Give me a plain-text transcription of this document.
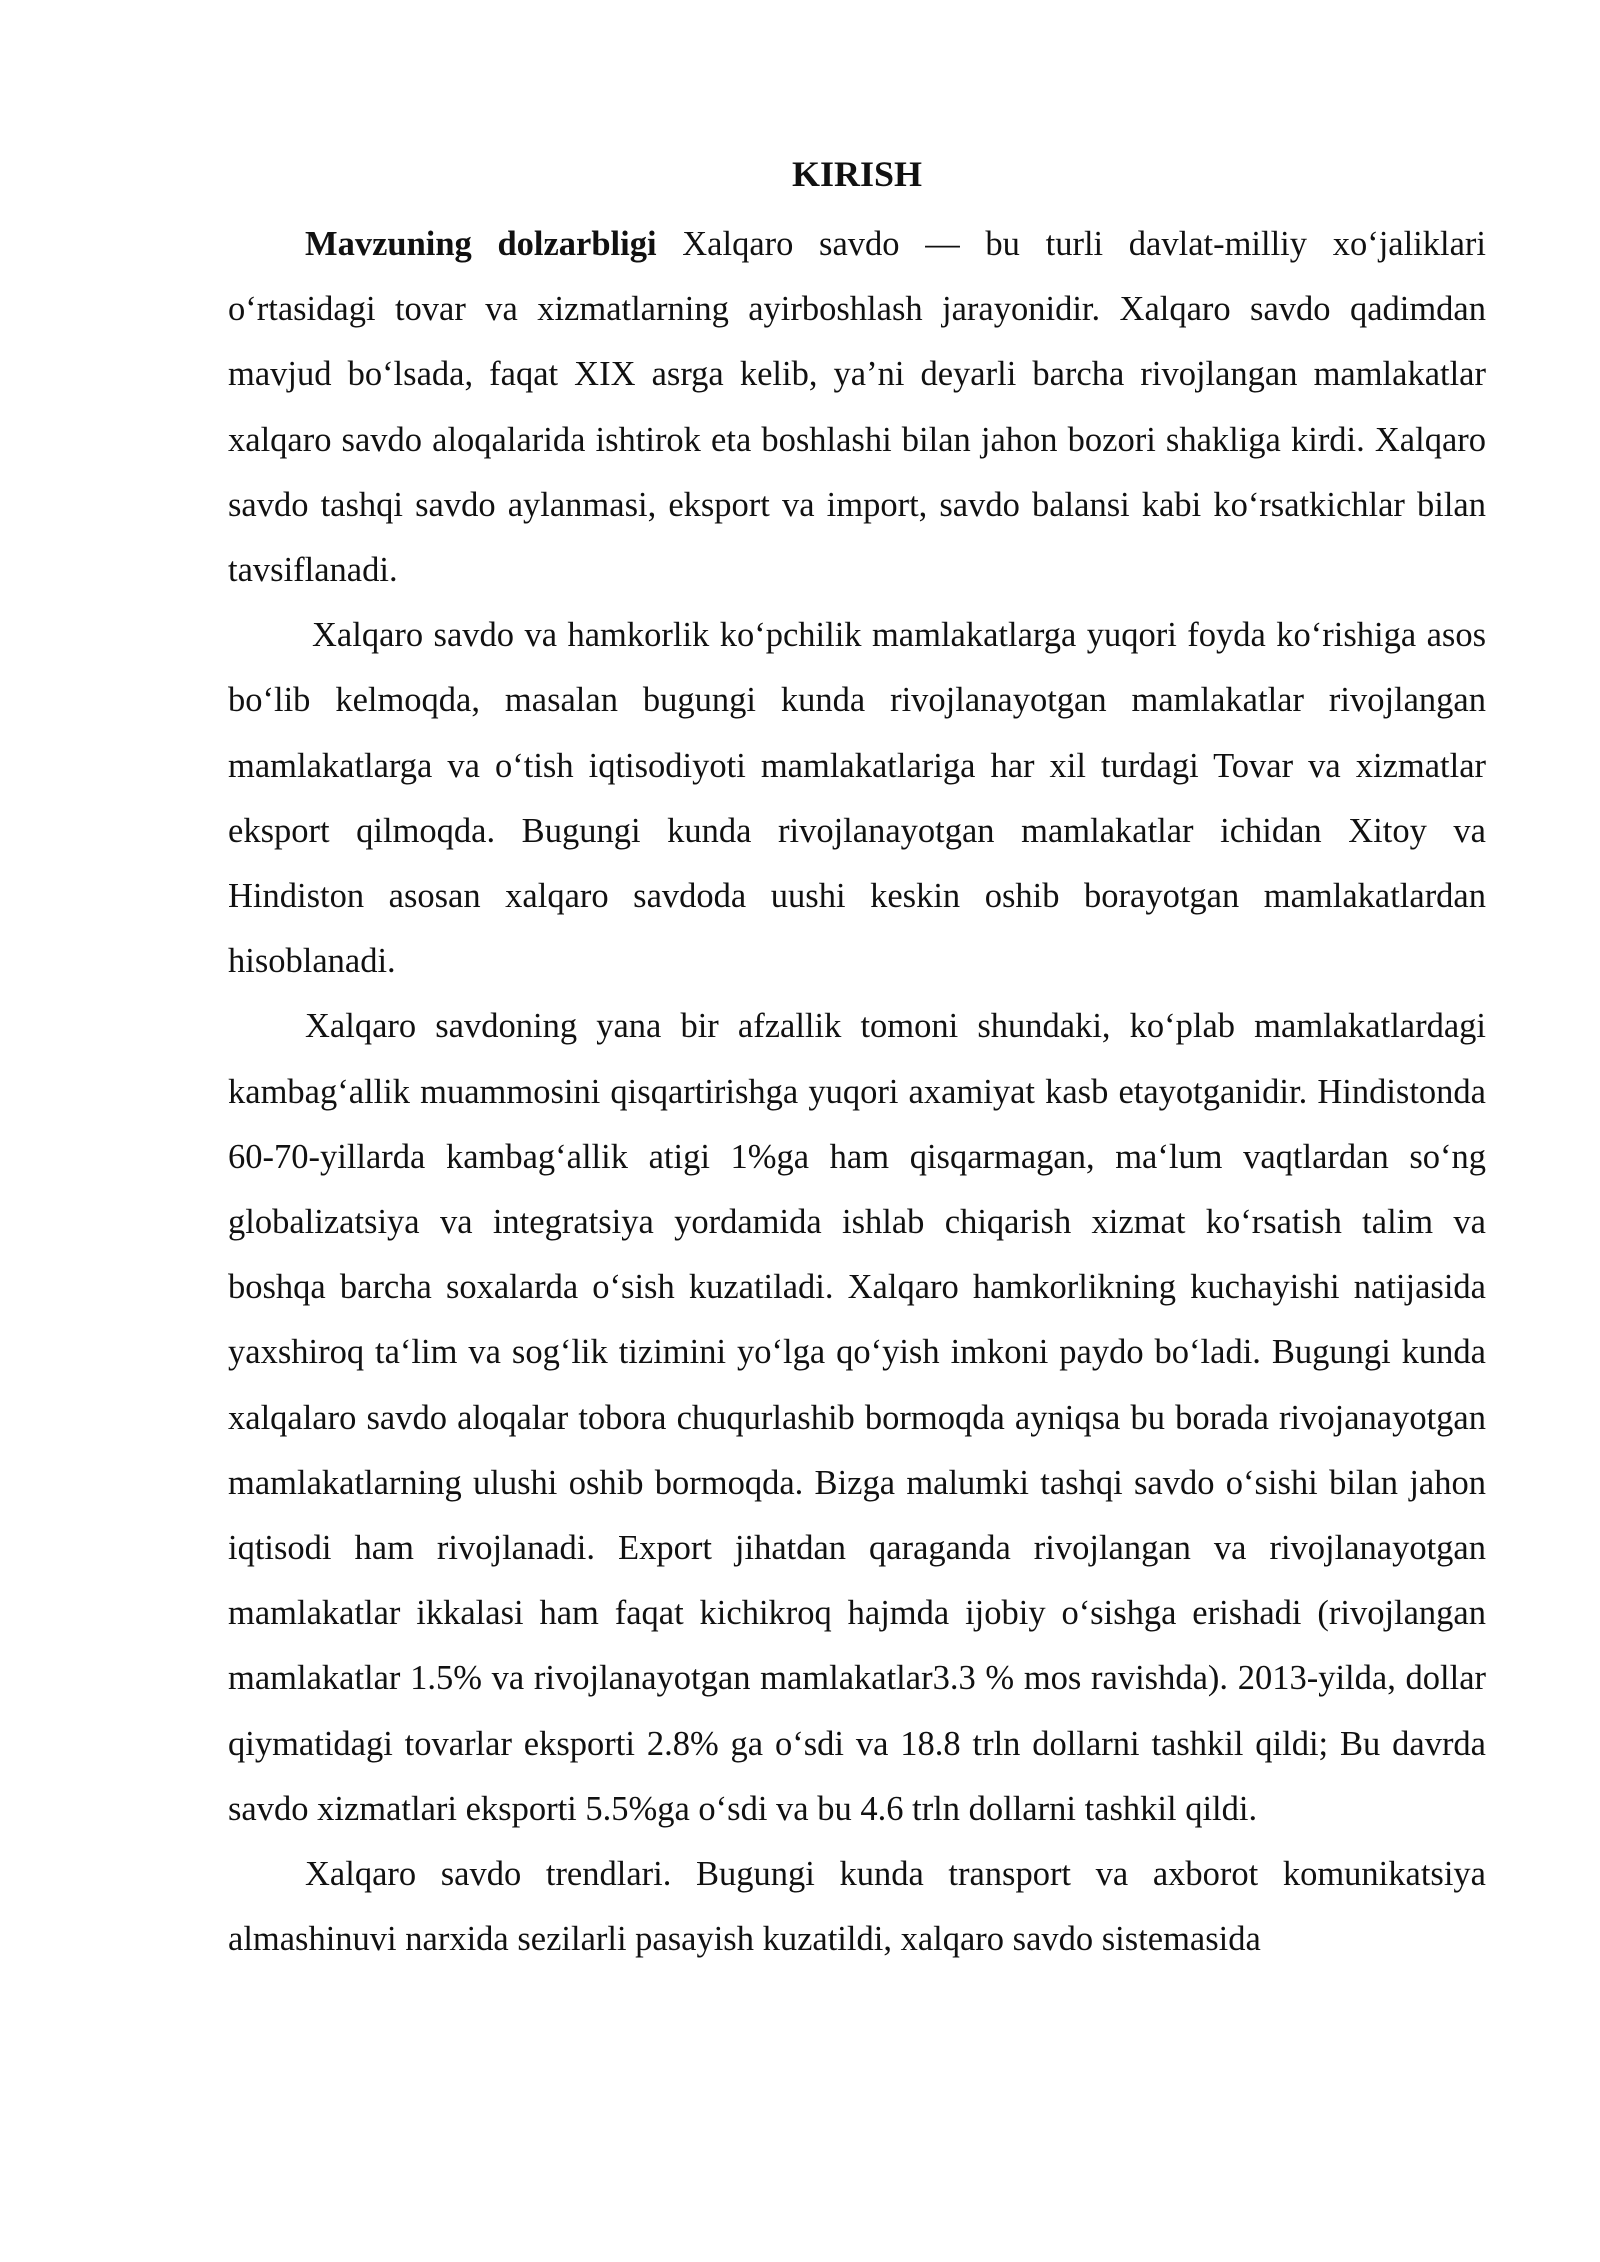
KIRISH

Mavzuning dolzarbligi Xalqaro savdo — bu turli davlat-milliy xoʻjaliklari oʻrtasidagi tovar va xizmatlarning ayirboshlash jarayonidir. Xalqaro savdo qadimdan mavjud boʻlsada, faqat XIX asrga kelib, ya’ni deyarli barcha rivojlangan mamlakatlar xalqaro savdo aloqalarida ishtirok eta boshlashi bilan jahon bozori shakliga kirdi. Xalqaro savdo tashqi savdo aylanmasi, eksport va import, savdo balansi kabi koʻrsatkichlar bilan tavsiflanadi.

Xalqaro savdo va hamkorlik koʻpchilik mamlakatlarga yuqori foyda koʻrishiga asos boʻlib kelmoqda, masalan bugungi kunda rivojlanayotgan mamlakatlar rivojlangan mamlakatlarga va oʻtish iqtisodiyoti mamlakatlariga har xil turdagi Tovar va xizmatlar eksport qilmoqda. Bugungi kunda rivojlanayotgan mamlakatlar ichidan Xitoy va Hindiston asosan xalqaro savdoda uushi keskin oshib borayotgan mamlakatlardan hisoblanadi.

Xalqaro savdoning yana bir afzallik tomoni shundaki, koʻplab mamlakatlardagi kambagʻallik muammosini qisqartirishga yuqori axamiyat kasb etayotganidir. Hindistonda 60-70-yillarda kambagʻallik atigi 1%ga ham qisqarmagan, maʻlum vaqtlardan soʻng globalizatsiya va integratsiya yordamida ishlab chiqarish xizmat koʻrsatish talim va boshqa barcha soxalarda oʻsish kuzatiladi. Xalqaro hamkorlikning kuchayishi natijasida yaxshiroq taʻlim va sogʻlik tizimini yoʻlga qoʻyish imkoni paydo boʻladi. Bugungi kunda xalqalaro savdo aloqalar tobora chuqurlashib bormoqda ayniqsa bu borada rivojanayotgan mamlakatlarning ulushi oshib bormoqda. Bizga malumki tashqi savdo oʻsishi bilan jahon iqtisodi ham rivojlanadi. Export jihatdan qaraganda rivojlangan va rivojlanayotgan mamlakatlar ikkalasi ham faqat kichikroq hajmda ijobiy oʻsishga erishadi (rivojlangan mamlakatlar 1.5% va rivojlanayotgan mamlakatlar3.3 % mos ravishda). 2013-yilda, dollar qiymatidagi tovarlar eksporti 2.8% ga oʻsdi va 18.8 trln dollarni tashkil qildi; Bu davrda savdo xizmatlari eksporti 5.5%ga oʻsdi va bu 4.6 trln dollarni tashkil qildi.

Xalqaro savdo trendlari. Bugungi kunda transport va axborot komunikatsiya almashinuvi narxida sezilarli pasayish kuzatildi, xalqaro savdo sistemasida
